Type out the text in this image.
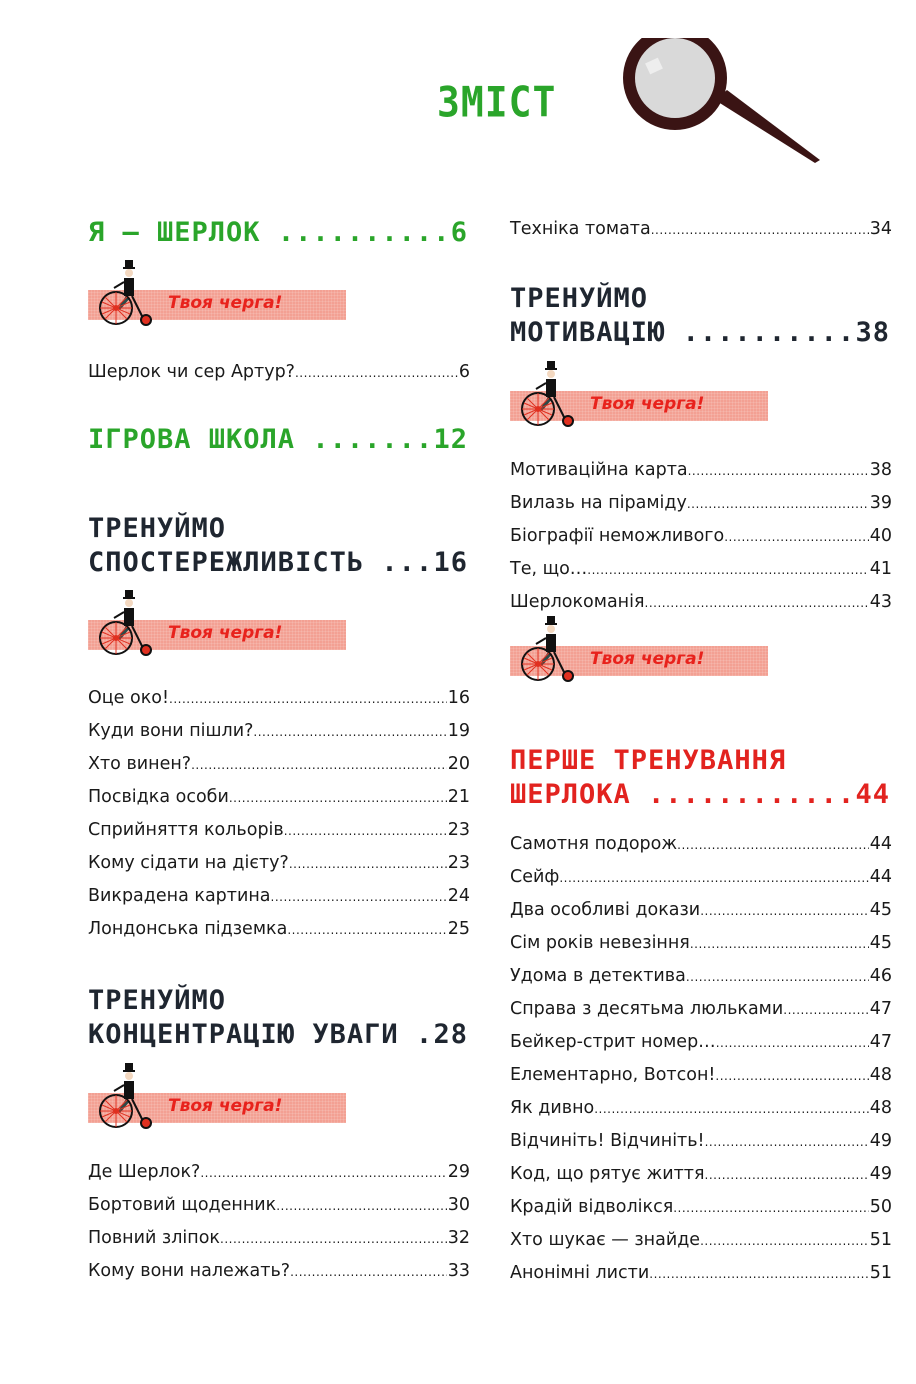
ЗМІСТ
Я — ШЕРЛОК .....	6
Твоя черга!
Шерлок чи сер Артур? .....	6
ІГРОВА ШКОЛА .....	12
ТРЕНУЙМО
СПОСТЕРЕЖЛИВІСТЬ .....	16
Твоя черга!
Оце око! .....	16
Куди вони пішли? .....	19
Хто винен? .....	20
Посвідка особи .....	21
Сприйняття кольорів .....	23
Кому сідати на дієту? .....	23
Викрадена картина .....	24
Лондонська підземка .....	25
ТРЕНУЙМО
КОНЦЕНТРАЦІЮ УВАГИ .....	28
Твоя черга!
Де Шерлок? .....	29
Бортовий щоденник .....	30
Повний зліпок .....	32
Кому вони належать? .....	33
Техніка томата .....	34
ТРЕНУЙМО
МОТИВАЦІЮ .....	38
Твоя черга!
Мотиваційна карта .....	38
Вилазь на піраміду .....	39
Біографії неможливого .....	40
Те, що… .....	41
Шерлокоманія .....	43
Твоя черга!
ПЕРШЕ ТРЕНУВАННЯ
ШЕРЛОКА .....	44
Самотня подорож .....	44
Сейф .....	44
Два особливі докази .....	45
Сім років невезіння .....	45
Удома в детектива .....	46
Справа з десятьма люльками .....	47
Бейкер-стрит номер… .....	47
Елементарно, Вотсон! .....	48
Як дивно .....	48
Відчиніть! Відчиніть! .....	49
Код, що рятує життя .....	49
Крадій відволікся .....	50
Хто шукає — знайде .....	51
Анонімні листи .....	51
